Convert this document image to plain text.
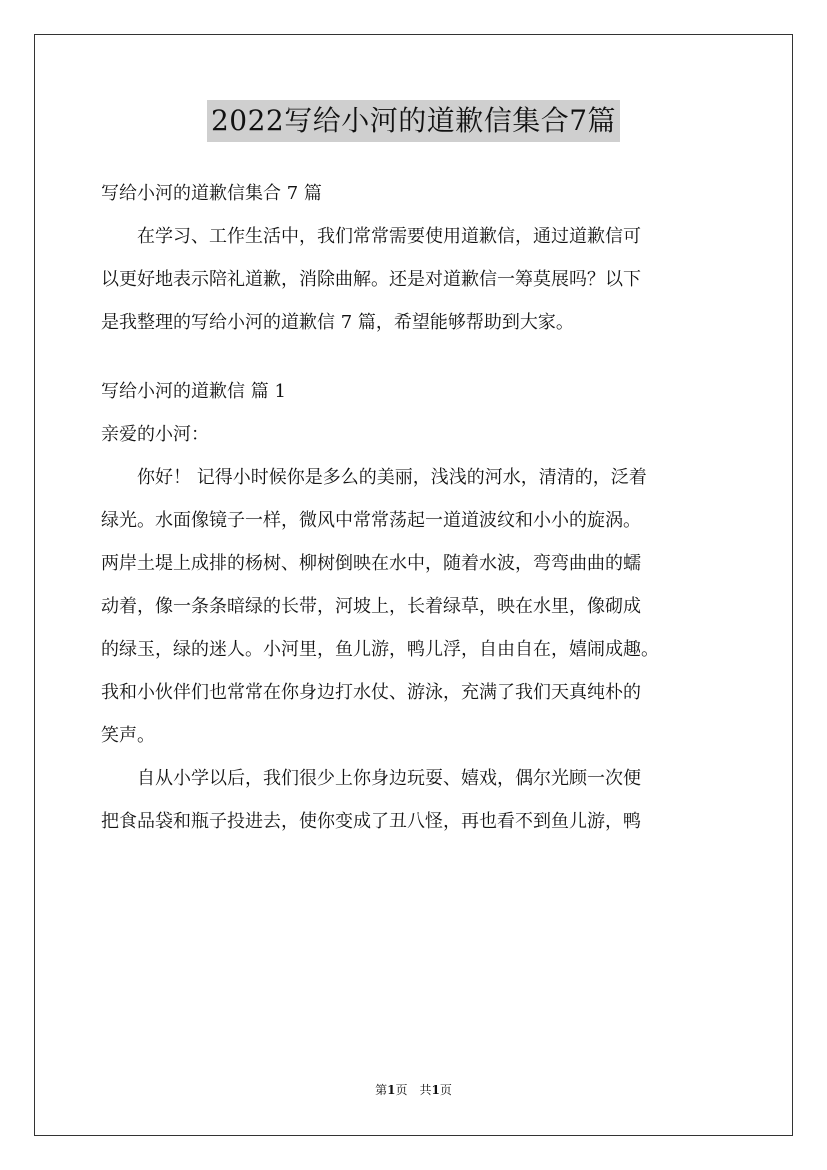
2022写给小河的道歉信集合7篇
写给小河的道歉信集合 7 篇
　　在学习、工作生活中，我们常常需要使用道歉信，通过道歉信可
以更好地表示陪礼道歉，消除曲解。还是对道歉信一筹莫展吗？以下
是我整理的写给小河的道歉信 7 篇，希望能够帮助到大家。
写给小河的道歉信 篇 1
亲爱的小河：
　　你好！ 记得小时候你是多么的美丽，浅浅的河水，清清的，泛着
绿光。水面像镜子一样，微风中常常荡起一道道波纹和小小的旋涡。
两岸土堤上成排的杨树、柳树倒映在水中，随着水波，弯弯曲曲的蠕
动着，像一条条暗绿的长带，河坡上，长着绿草，映在水里，像砌成
的绿玉，绿的迷人。小河里，鱼儿游，鸭儿浮，自由自在，嬉闹成趣。
我和小伙伴们也常常在你身边打水仗、游泳，充满了我们天真纯朴的
笑声。
　　自从小学以后，我们很少上你身边玩耍、嬉戏，偶尔光顾一次便
把食品袋和瓶子投进去，使你变成了丑八怪，再也看不到鱼儿游，鸭
第1页　共1页
